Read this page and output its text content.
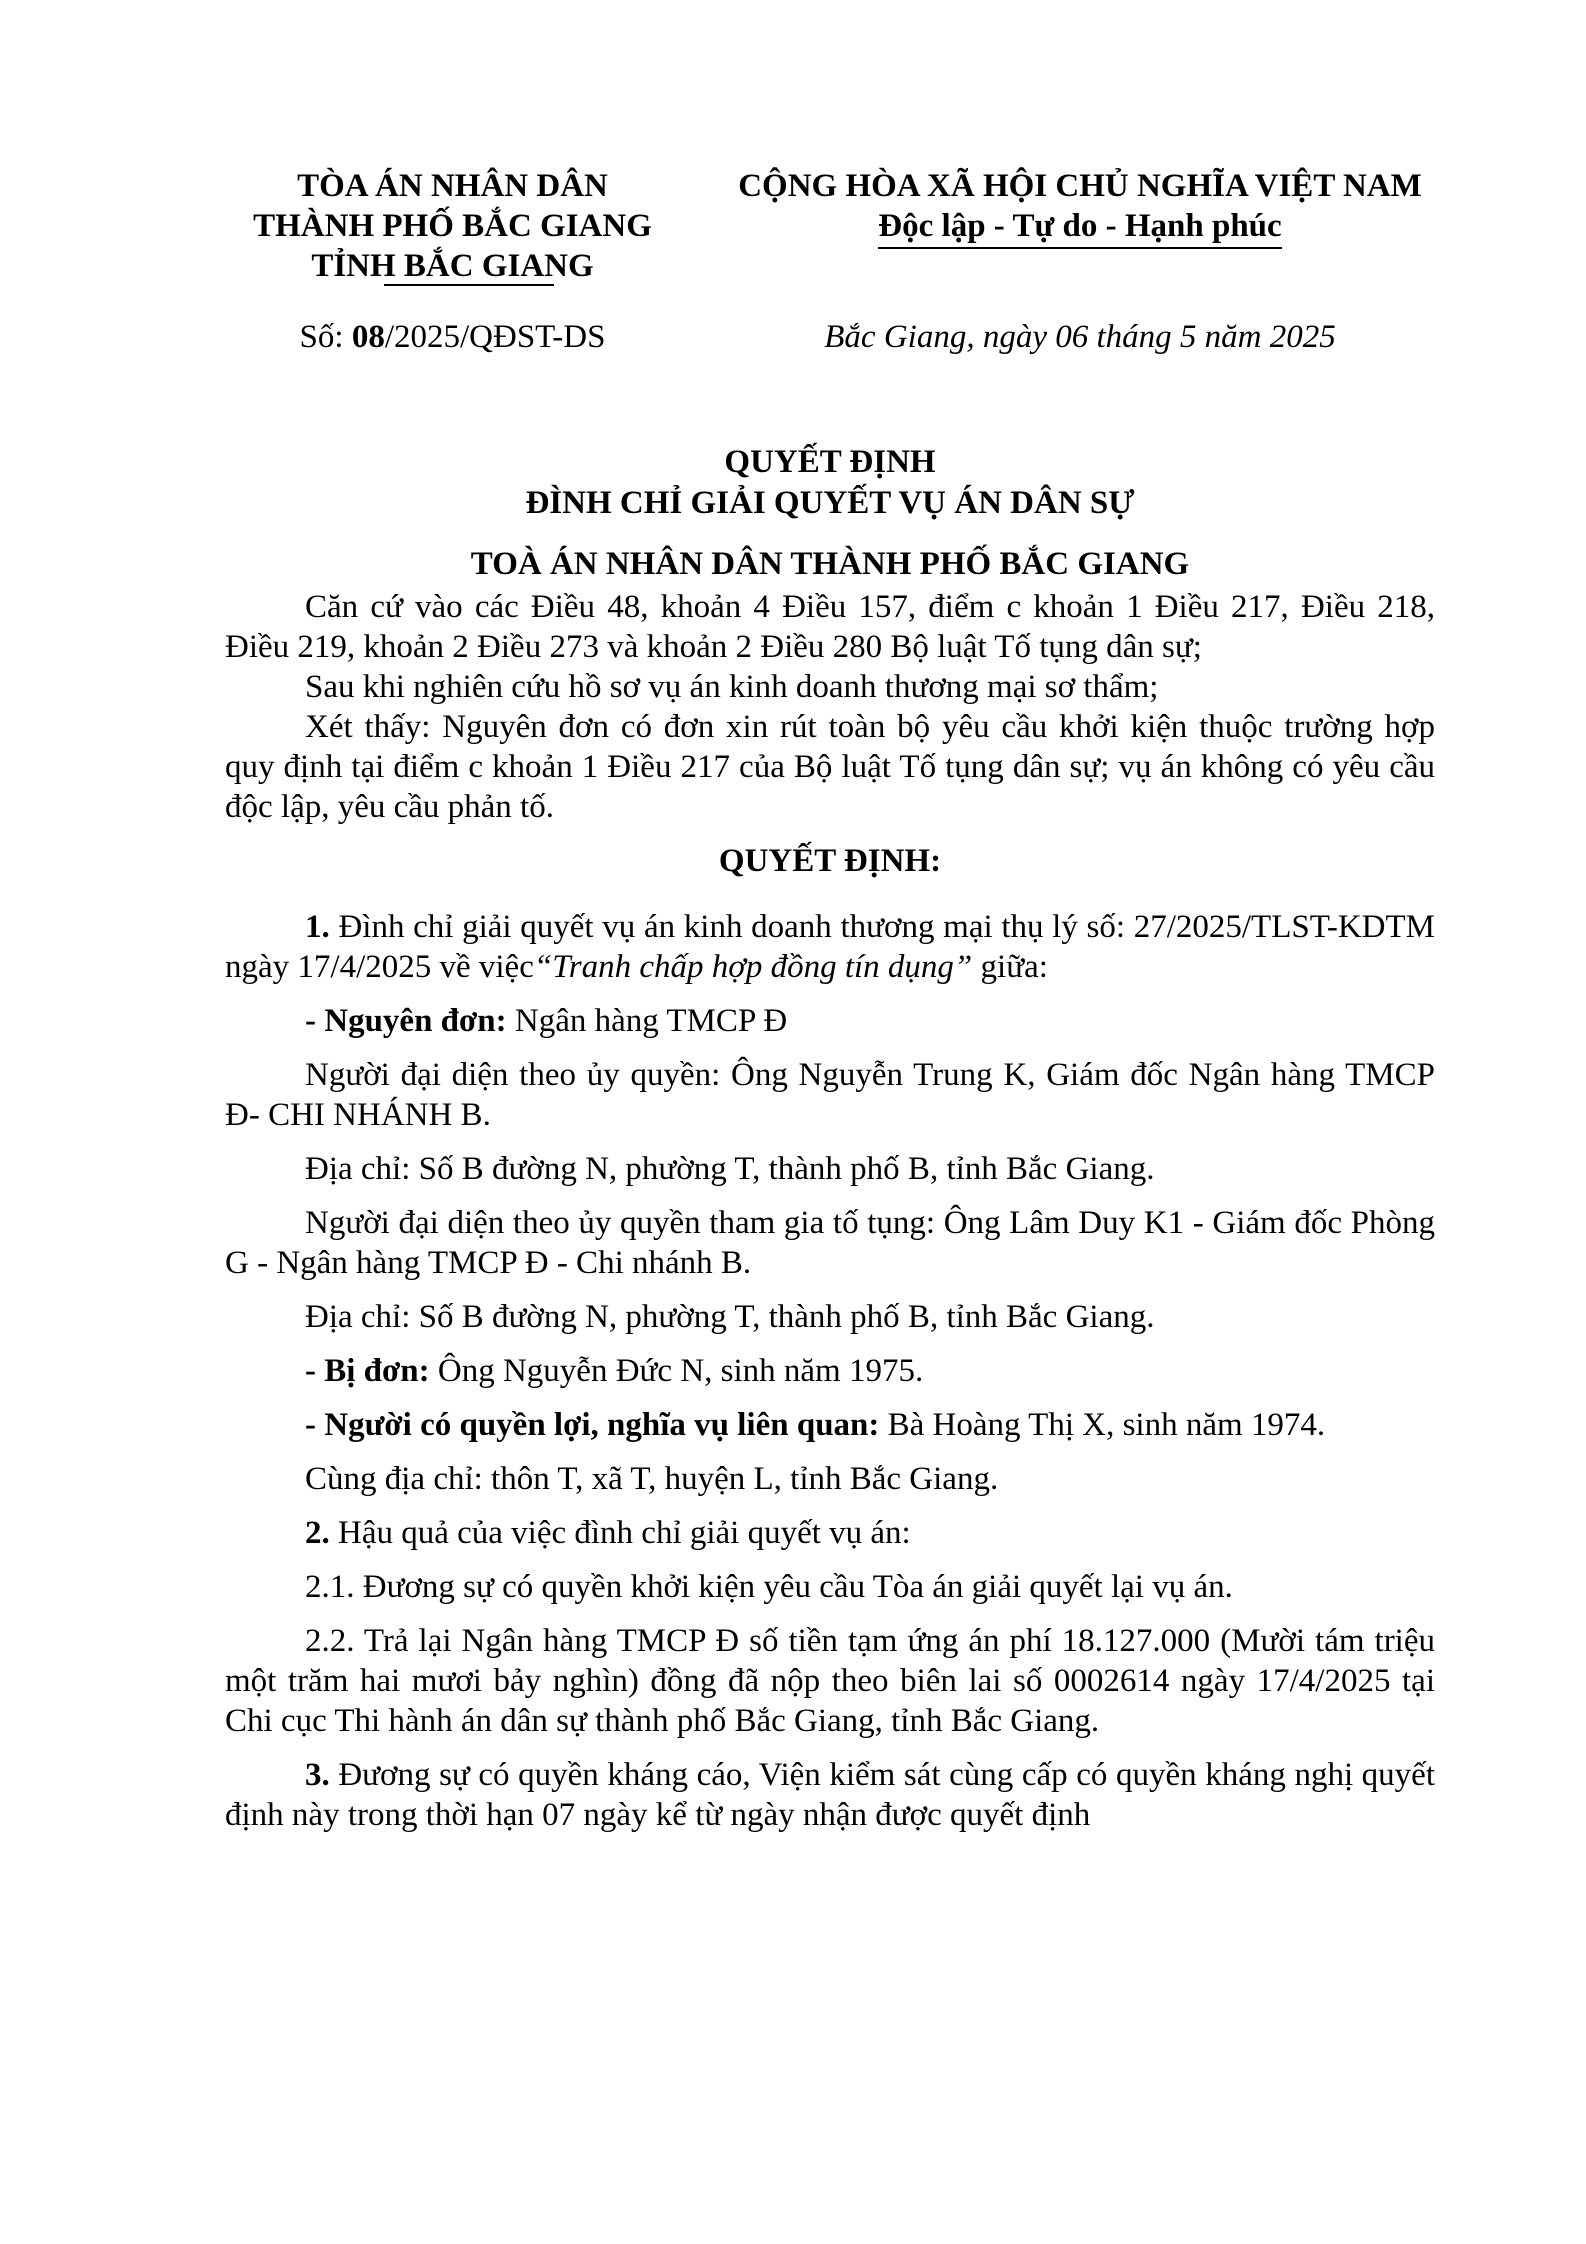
TÒA ÁN NHÂN DÂN
THÀNH PHỐ BẮC GIANG
TỈNH BẮC GIANG
CỘNG HÒA XÃ HỘI CHỦ NGHĨA VIỆT NAM
Độc lập - Tự do - Hạnh phúc
Số: 08/2025/QĐST-DS	Bắc Giang, ngày 06 tháng 5 năm 2025
QUYẾT ĐỊNH
ĐÌNH CHỈ GIẢI QUYẾT VỤ ÁN DÂN SỰ
TOÀ ÁN NHÂN DÂN THÀNH PHỐ BẮC GIANG

Căn cứ vào các Điều 48, khoản 4 Điều 157, điểm c khoản 1 Điều 217, Điều 218, Điều 219, khoản 2 Điều 273 và khoản 2 Điều 280 Bộ luật Tố tụng dân sự;

Sau khi nghiên cứu hồ sơ vụ án kinh doanh thương mại sơ thẩm;

Xét thấy: Nguyên đơn có đơn xin rút toàn bộ yêu cầu khởi kiện thuộc trường hợp quy định tại điểm c khoản 1 Điều 217 của Bộ luật Tố tụng dân sự; vụ án không có yêu cầu độc lập, yêu cầu phản tố.

QUYẾT ĐỊNH:

1. Đình chỉ giải quyết vụ án kinh doanh thương mại thụ lý số: 27/2025/TLST-KDTM ngày 17/4/2025 về việc“Tranh chấp hợp đồng tín dụng” giữa:

- Nguyên đơn: Ngân hàng TMCP Đ

Người đại diện theo ủy quyền: Ông Nguyễn Trung K, Giám đốc Ngân hàng TMCP Đ- CHI NHÁNH B.

Địa chỉ: Số B đường N, phường T, thành phố B, tỉnh Bắc Giang.

Người đại diện theo ủy quyền tham gia tố tụng: Ông Lâm Duy K1 - Giám đốc Phòng G - Ngân hàng TMCP Đ - Chi nhánh B.

Địa chỉ: Số B đường N, phường T, thành phố B, tỉnh Bắc Giang.

- Bị đơn: Ông Nguyễn Đức N, sinh năm 1975.

- Người có quyền lợi, nghĩa vụ liên quan: Bà Hoàng Thị X, sinh năm 1974.

Cùng địa chỉ: thôn T, xã T, huyện L, tỉnh Bắc Giang.

2. Hậu quả của việc đình chỉ giải quyết vụ án:

2.1. Đương sự có quyền khởi kiện yêu cầu Tòa án giải quyết lại vụ án.

2.2. Trả lại Ngân hàng TMCP Đ số tiền tạm ứng án phí 18.127.000 (Mười tám triệu một trăm hai mươi bảy nghìn) đồng đã nộp theo biên lai số 0002614 ngày 17/4/2025 tại Chi cục Thi hành án dân sự thành phố Bắc Giang, tỉnh Bắc Giang.

3. Đương sự có quyền kháng cáo, Viện kiểm sát cùng cấp có quyền kháng nghị quyết định này trong thời hạn 07 ngày kể từ ngày nhận được quyết định
